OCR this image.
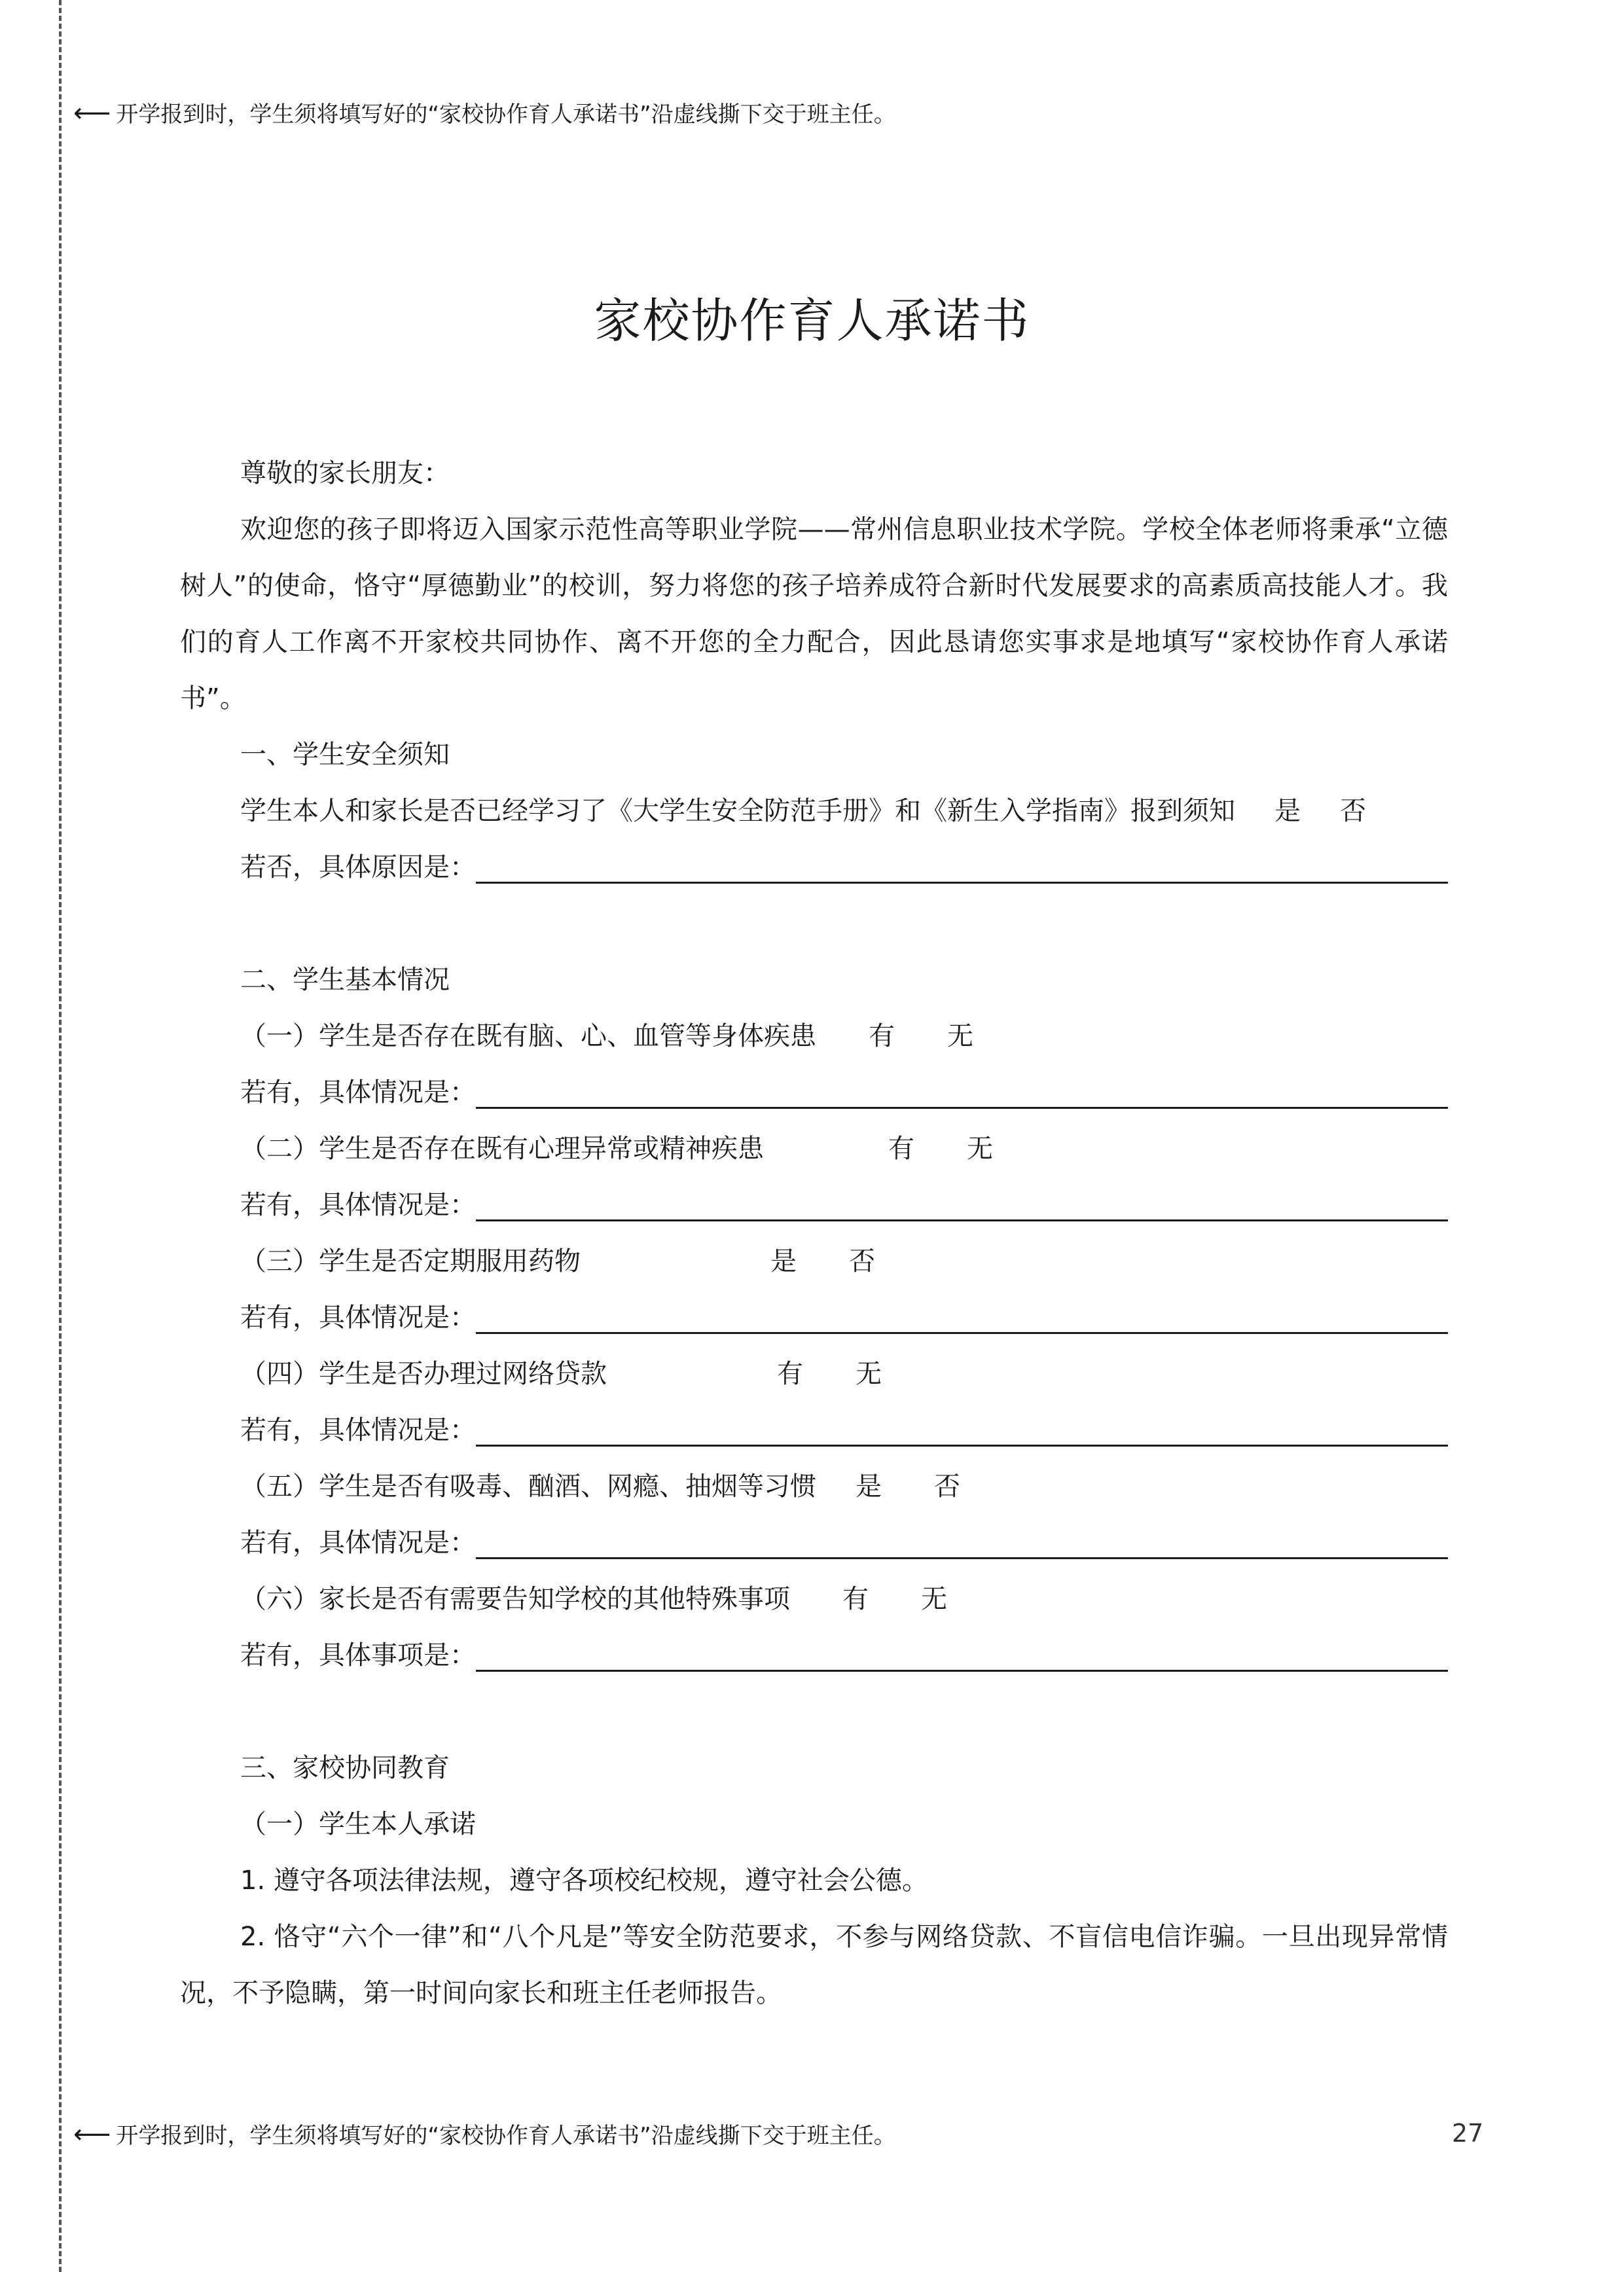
⟵ 开学报到时，学生须将填写好的“家校协作育人承诺书”沿虚线撕下交于班主任。
家校协作育人承诺书
尊敬的家长朋友：
欢迎您的孩子即将迈入国家示范性高等职业学院——常州信息职业技术学院。学校全体老师将秉承“立德树人”的使命，恪守“厚德勤业”的校训，努力将您的孩子培养成符合新时代发展要求的高素质高技能人才。我们的育人工作离不开家校共同协作、离不开您的全力配合，因此恳请您实事求是地填写“家校协作育人承诺书”。
一、学生安全须知
学生本人和家长是否已经学习了《大学生安全防范手册》和《新生入学指南》报到须知 是 否
若否，具体原因是：
二、学生基本情况
（一）学生是否存在既有脑、心、血管等身体疾患 有 无
若有，具体情况是：
（二）学生是否存在既有心理异常或精神疾患	有 无
若有，具体情况是：
（三）学生是否定期服用药物	是 否
若有，具体情况是：
（四）学生是否办理过网络贷款	有 无
若有，具体情况是：
（五）学生是否有吸毒、酗酒、网瘾、抽烟等习惯 是 否
若有，具体情况是：
（六）家长是否有需要告知学校的其他特殊事项 有 无
若有，具体事项是：
三、家校协同教育
（一）学生本人承诺
1. 遵守各项法律法规，遵守各项校纪校规，遵守社会公德。
2. 恪守“六个一律”和“八个凡是”等安全防范要求，不参与网络贷款、不盲信电信诈骗。一旦出现异常情况，不予隐瞒，第一时间向家长和班主任老师报告。
⟵ 开学报到时，学生须将填写好的“家校协作育人承诺书”沿虚线撕下交于班主任。	27
